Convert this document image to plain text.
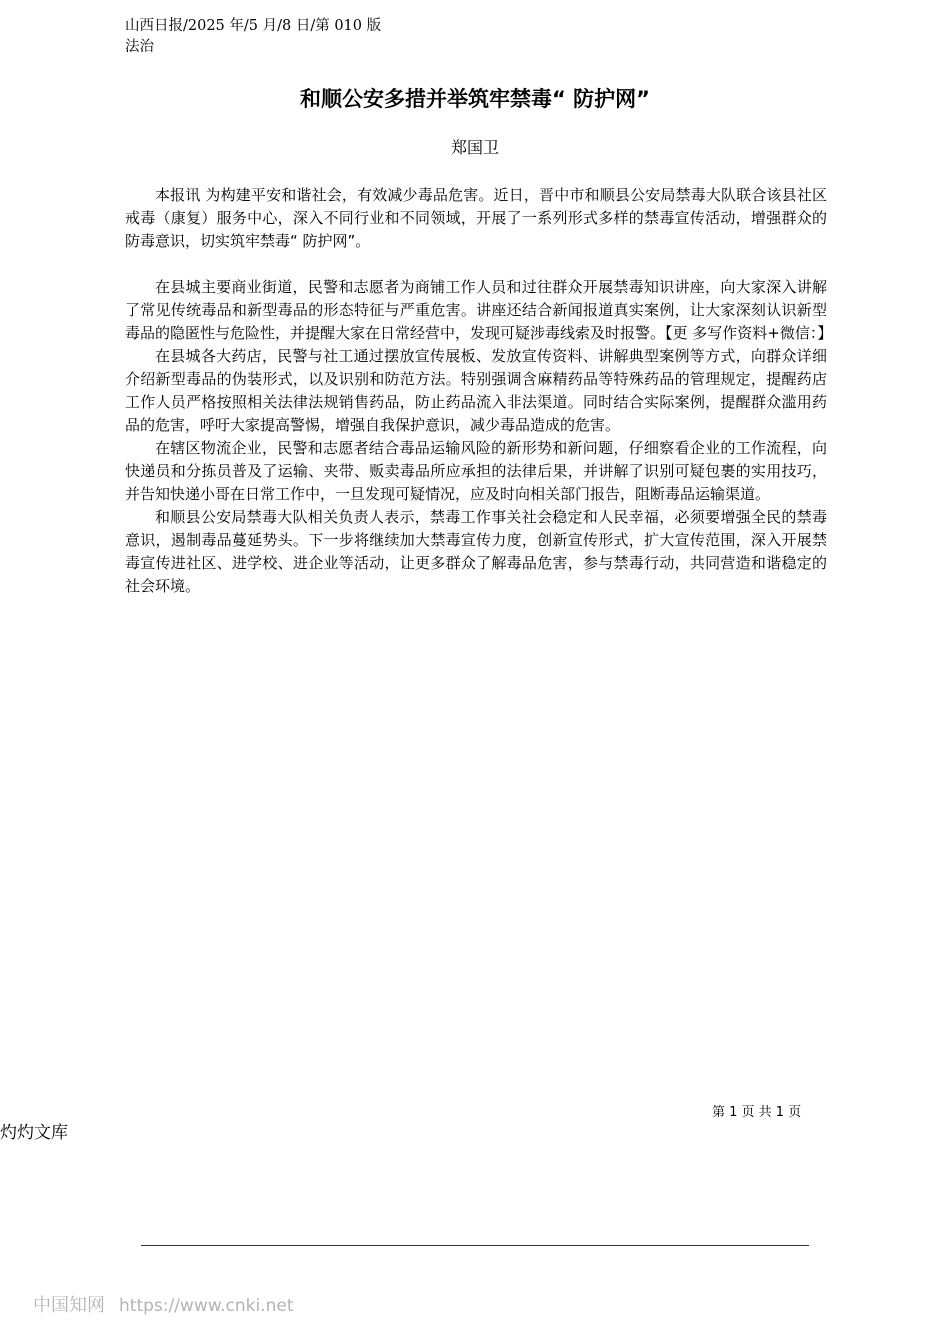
山西日报/2025 年/5 月/8 日/第 010 版法治
和顺公安多措并举筑牢禁毒“ 防护网”
郑国卫

本报讯 为构建平安和谐社会，有效减少毒品危害。近日，晋中市和顺县公安局禁毒大队联合该县社区戒毒（康复）服务中心，深入不同行业和不同领域，开展了一系列形式多样的禁毒宣传活动，增强群众的防毒意识，切实筑牢禁毒“ 防护网”。

在县城主要商业街道，民警和志愿者为商铺工作人员和过往群众开展禁毒知识讲座，向大家深入讲解了常见传统毒品和新型毒品的形态特征与严重危害。讲座还结合新闻报道真实案例，让大家深刻认识新型毒品的隐匿性与危险性，并提醒大家在日常经营中，发现可疑涉毒线索及时报警。【更 多写作资料+微信：】

在县城各大药店，民警与社工通过摆放宣传展板、发放宣传资料、讲解典型案例等方式，向群众详细介绍新型毒品的伪装形式，以及识别和防范方法。特别强调含麻精药品等特殊药品的管理规定，提醒药店工作人员严格按照相关法律法规销售药品，防止药品流入非法渠道。同时结合实际案例，提醒群众滥用药品的危害，呼吁大家提高警惕，增强自我保护意识，减少毒品造成的危害。

在辖区物流企业，民警和志愿者结合毒品运输风险的新形势和新问题，仔细察看企业的工作流程，向快递员和分拣员普及了运输、夹带、贩卖毒品所应承担的法律后果，并讲解了识别可疑包裹的实用技巧，并告知快递小哥在日常工作中，一旦发现可疑情况，应及时向相关部门报告，阻断毒品运输渠道。

和顺县公安局禁毒大队相关负责人表示，禁毒工作事关社会稳定和人民幸福，必须要增强全民的禁毒意识，遏制毒品蔓延势头。下一步将继续加大禁毒宣传力度，创新宣传形式，扩大宣传范围，深入开展禁毒宣传进社区、进学校、进企业等活动，让更多群众了解毒品危害，参与禁毒行动，共同营造和谐稳定的社会环境。

第 1 页 共 1 页
灼灼文库
中国知网 https://www.cnki.net
